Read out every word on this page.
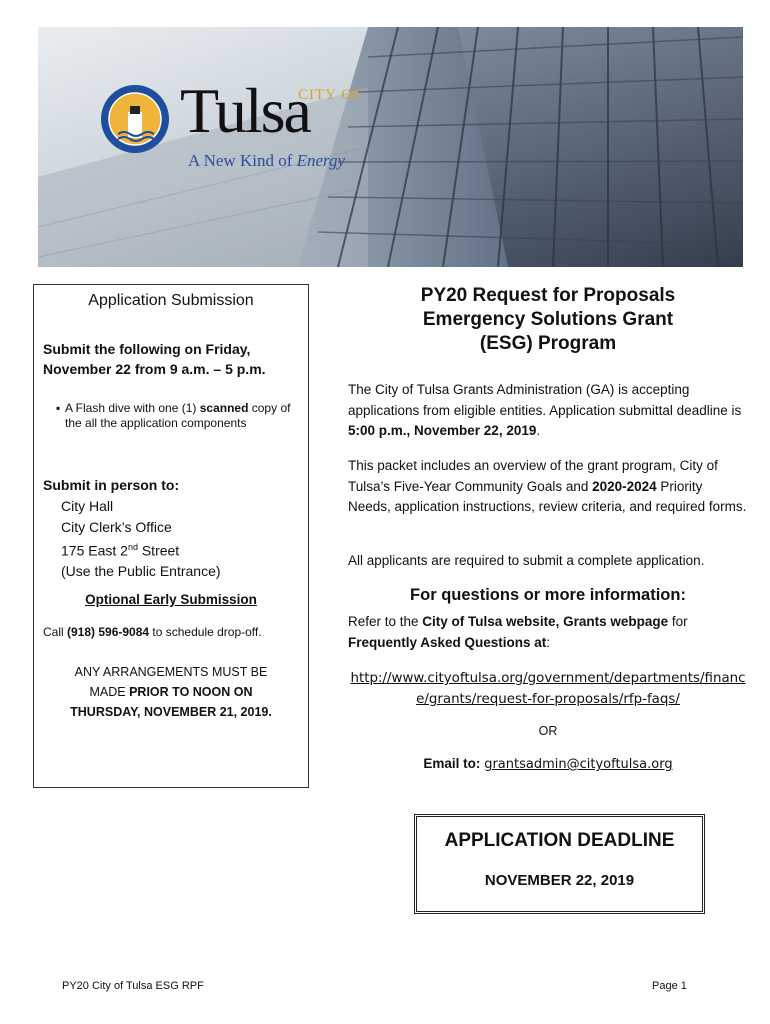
CITY OF
Tulsa
A New Kind of Energy
Application Submission
Submit the following on Friday,
November 22 from 9 a.m. – 5 p.m.
▪ A Flash dive with one (1) scanned copy of the all the application components
Submit in person to:
City Hall
City Clerk’s Office
175 East 2nd Street
(Use the Public Entrance)
Optional Early Submission
Call (918) 596-9084 to schedule drop-off.
ANY ARRANGEMENTS MUST BE
MADE PRIOR TO NOON ON
THURSDAY, NOVEMBER 21, 2019.
PY20 Request for Proposals
Emergency Solutions Grant
(ESG) Program
The City of Tulsa Grants Administration (GA) is accepting applications from eligible entities. Application submittal deadline is 5:00 p.m., November 22, 2019.
This packet includes an overview of the grant program, City of Tulsa’s Five-Year Community Goals and 2020-2024 Priority Needs, application instructions, review criteria, and required forms.
All applicants are required to submit a complete application.
For questions or more information:
Refer to the City of Tulsa website, Grants webpage for Frequently Asked Questions at:
http://www.cityoftulsa.org/government/departments/financ
e/grants/request-for-proposals/rfp-faqs/
OR
Email to: grantsadmin@cityoftulsa.org
APPLICATION DEADLINE
NOVEMBER 22, 2019
PY20 City of Tulsa ESG RPF	Page 1
